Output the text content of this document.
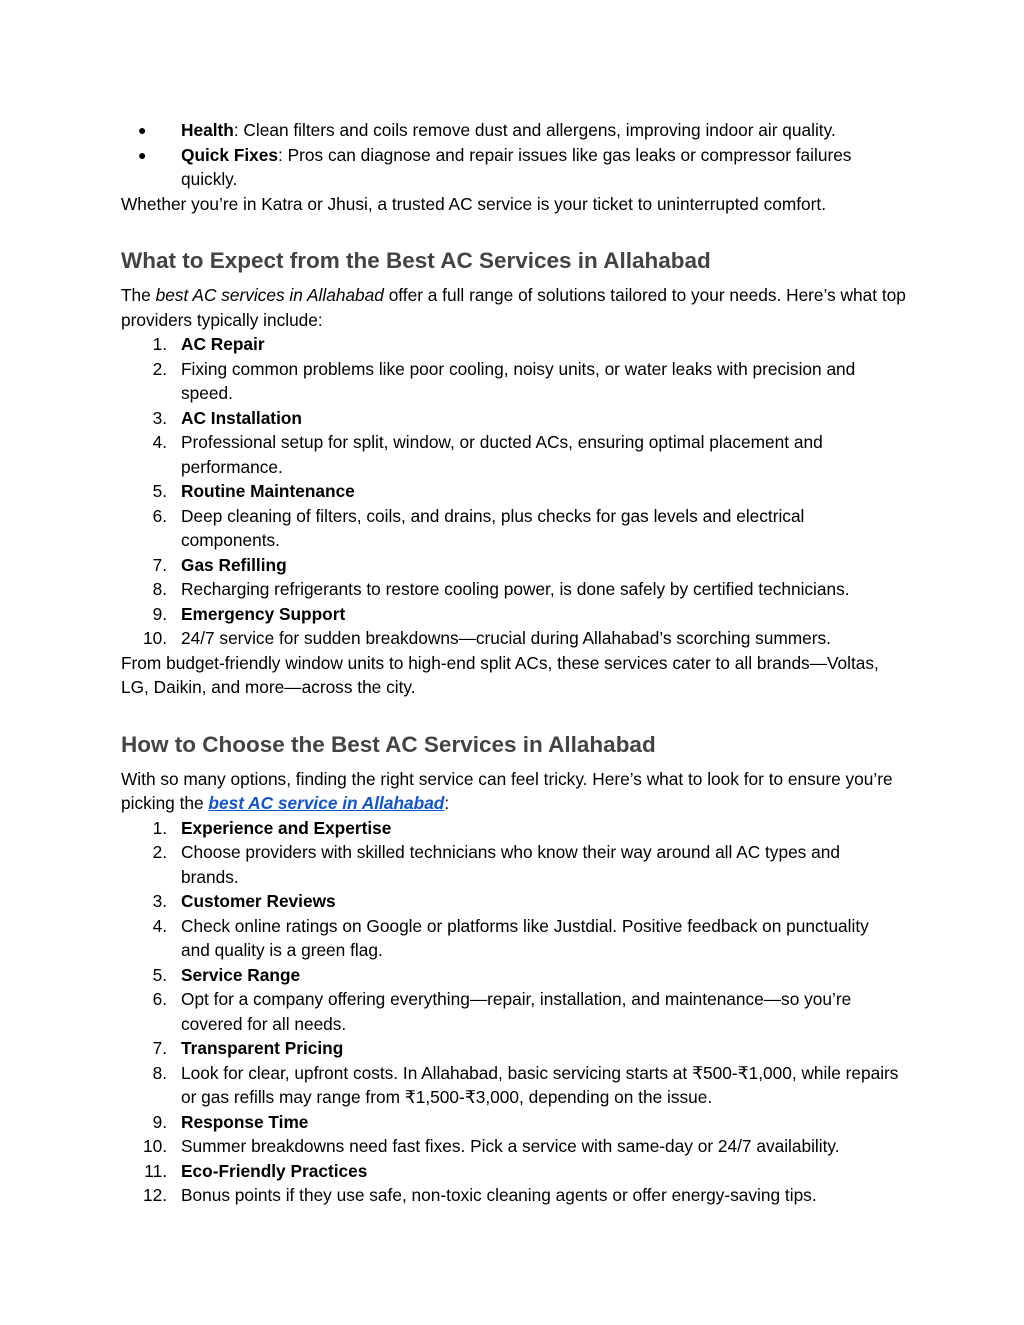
● Health: Clean filters and coils remove dust and allergens, improving indoor air quality.
● Quick Fixes: Pros can diagnose and repair issues like gas leaks or compressor failures quickly.

Whether you’re in Katra or Jhusi, a trusted AC service is your ticket to uninterrupted comfort.

What to Expect from the Best AC Services in Allahabad

The best AC services in Allahabad offer a full range of solutions tailored to your needs. Here’s what top providers typically include:

1. AC Repair
2. Fixing common problems like poor cooling, noisy units, or water leaks with precision and speed.
3. AC Installation
4. Professional setup for split, window, or ducted ACs, ensuring optimal placement and performance.
5. Routine Maintenance
6. Deep cleaning of filters, coils, and drains, plus checks for gas levels and electrical components.
7. Gas Refilling
8. Recharging refrigerants to restore cooling power, is done safely by certified technicians.
9. Emergency Support
10. 24/7 service for sudden breakdowns—crucial during Allahabad’s scorching summers.

From budget-friendly window units to high-end split ACs, these services cater to all brands—Voltas, LG, Daikin, and more—across the city.

How to Choose the Best AC Services in Allahabad

With so many options, finding the right service can feel tricky. Here’s what to look for to ensure you’re picking the best AC service in Allahabad:

1. Experience and Expertise
2. Choose providers with skilled technicians who know their way around all AC types and brands.
3. Customer Reviews
4. Check online ratings on Google or platforms like Justdial. Positive feedback on punctuality and quality is a green flag.
5. Service Range
6. Opt for a company offering everything—repair, installation, and maintenance—so you’re covered for all needs.
7. Transparent Pricing
8. Look for clear, upfront costs. In Allahabad, basic servicing starts at ₹500-₹1,000, while repairs or gas refills may range from ₹1,500-₹3,000, depending on the issue.
9. Response Time
10. Summer breakdowns need fast fixes. Pick a service with same-day or 24/7 availability.
11. Eco-Friendly Practices
12. Bonus points if they use safe, non-toxic cleaning agents or offer energy-saving tips.
